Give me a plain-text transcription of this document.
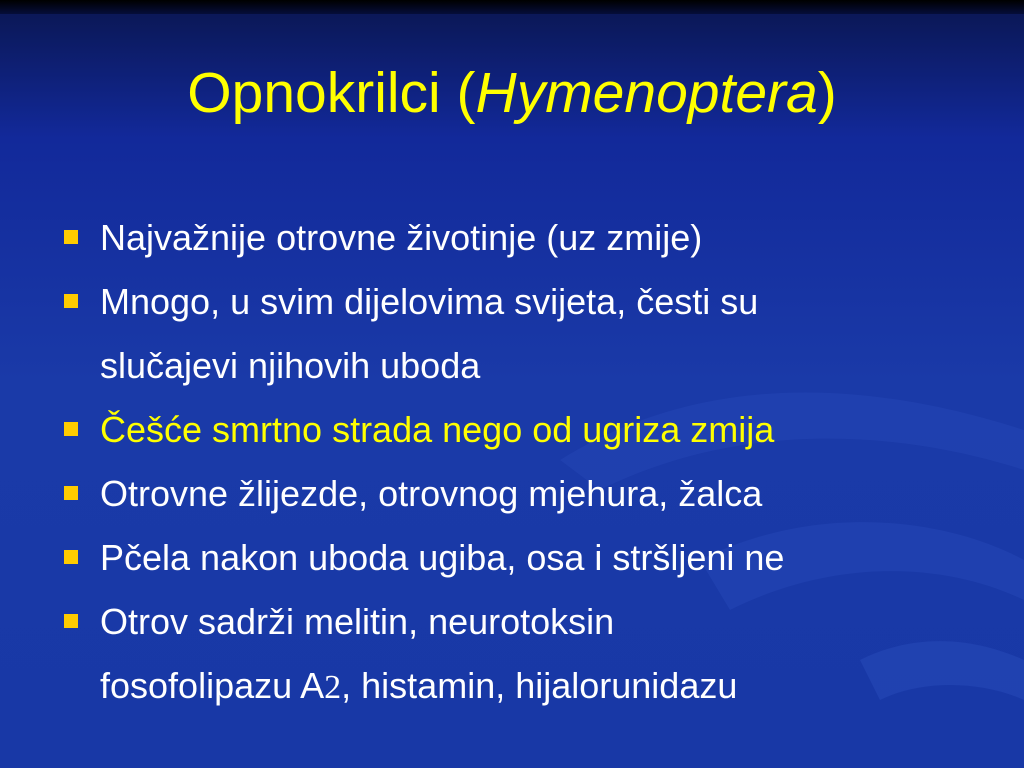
Opnokrilci (Hymenoptera)
Najvažnije otrovne životinje (uz zmije)
Mnogo, u svim dijelovima svijeta, česti su
slučajevi njihovih uboda
Češće smrtno strada nego od ugriza zmija
Otrovne žlijezde, otrovnog mjehura, žalca
Pčela nakon uboda ugiba, osa i stršljeni ne
Otrov sadrži melitin, neurotoksin
fosofolipazu A2, histamin, hijalorunidazu
